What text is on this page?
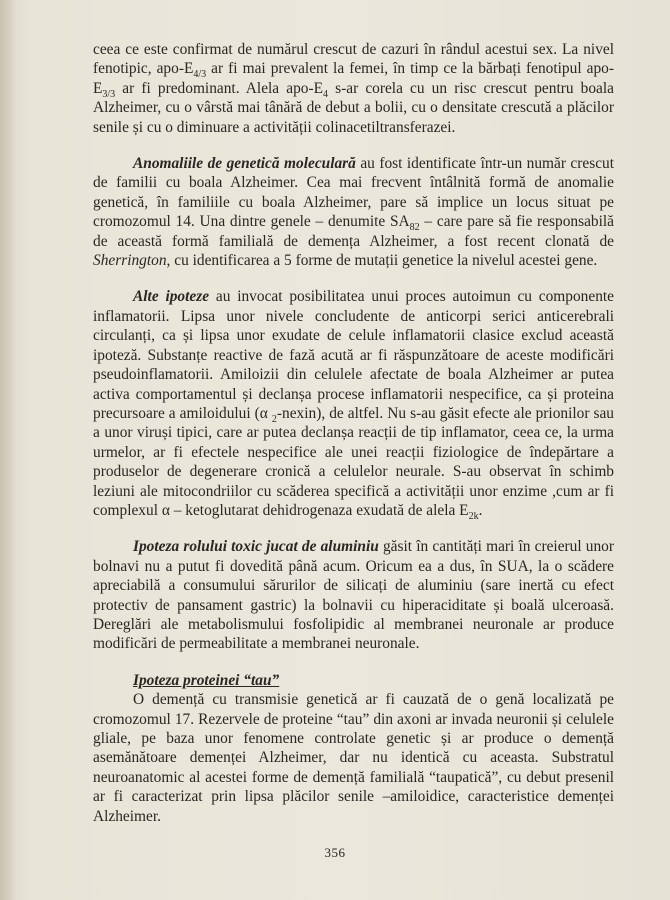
ceea ce este confirmat de numărul crescut de cazuri în rândul acestui sex. La nivel fenotipic, apo-$E_{4/3}$ ar fi mai prevalent la femei, în timp ce la bărbați fenotipul apo-$E_{3/3}$ ar fi predominant. Alela apo-$E_4$ s-ar corela cu un risc crescut pentru boala Alzheimer, cu o vârstă mai tânără de debut a bolii, cu o densitate crescută a plăcilor senile și cu o diminuare a activității colinacetiltransferazei.

Anomaliile de genetică moleculară au fost identificate într-un număr crescut de familii cu boala Alzheimer. Cea mai frecvent întâlnită formă de anomalie genetică, în familiile cu boala Alzheimer, pare să implice un locus situat pe cromozomul 14. Una dintre genele – denumite $SA_{82}$ – care pare să fie responsabilă de această formă familială de demența Alzheimer, a fost recent clonată de Sherrington, cu identificarea a 5 forme de mutații genetice la nivelul acestei gene.

Alte ipoteze au invocat posibilitatea unui proces autoimun cu componente inflamatorii. Lipsa unor nivele concludente de anticorpi serici anticerebrali circulanți, ca și lipsa unor exudate de celule inflamatorii clasice exclud această ipoteză. Substanțe reactive de fază acută ar fi răspunzătoare de aceste modificări pseudoinflamatorii. Amiloizii din celulele afectate de boala Alzheimer ar putea activa comportamentul și declanșa procese inflamatorii nespecifice, ca și proteina precursoare a amiloidului (α $_2$-nexin), de altfel. Nu s-au găsit efecte ale prionilor sau a unor viruși tipici, care ar putea declanșa reacții de tip inflamator, ceea ce, la urma urmelor, ar fi efectele nespecifice ale unei reacții fiziologice de îndepărtare a produselor de degenerare cronică a celulelor neurale. S-au observat în schimb leziuni ale mitocondriilor cu scăderea specifică a activității unor enzime ,cum ar fi complexul α – ketoglutarat dehidrogenaza exudată de alela $E_{2k}$.

Ipoteza rolului toxic jucat de aluminiu găsit în cantități mari în creierul unor bolnavi nu a putut fi dovedită până acum. Oricum ea a dus, în SUA, la o scădere apreciabilă a consumului sărurilor de silicați de aluminiu (sare inertă cu efect protectiv de pansament gastric) la bolnavii cu hiperaciditate și boală ulceroasă. Dereglări ale metabolismului fosfolipidic al membranei neuronale ar produce modificări de permeabilitate a membranei neuronale.

Ipoteza proteinei “tau”

O demență cu transmisie genetică ar fi cauzată de o genă localizată pe cromozomul 17. Rezervele de proteine “tau” din axoni ar invada neuronii și celulele gliale, pe baza unor fenomene controlate genetic și ar produce o demență asemănătoare demenței Alzheimer, dar nu identică cu aceasta. Substratul neuroanatomic al acestei forme de demență familială “taupatică”, cu debut presenil ar fi caracterizat prin lipsa plăcilor senile –amiloidice, caracteristice demenței Alzheimer.

356
